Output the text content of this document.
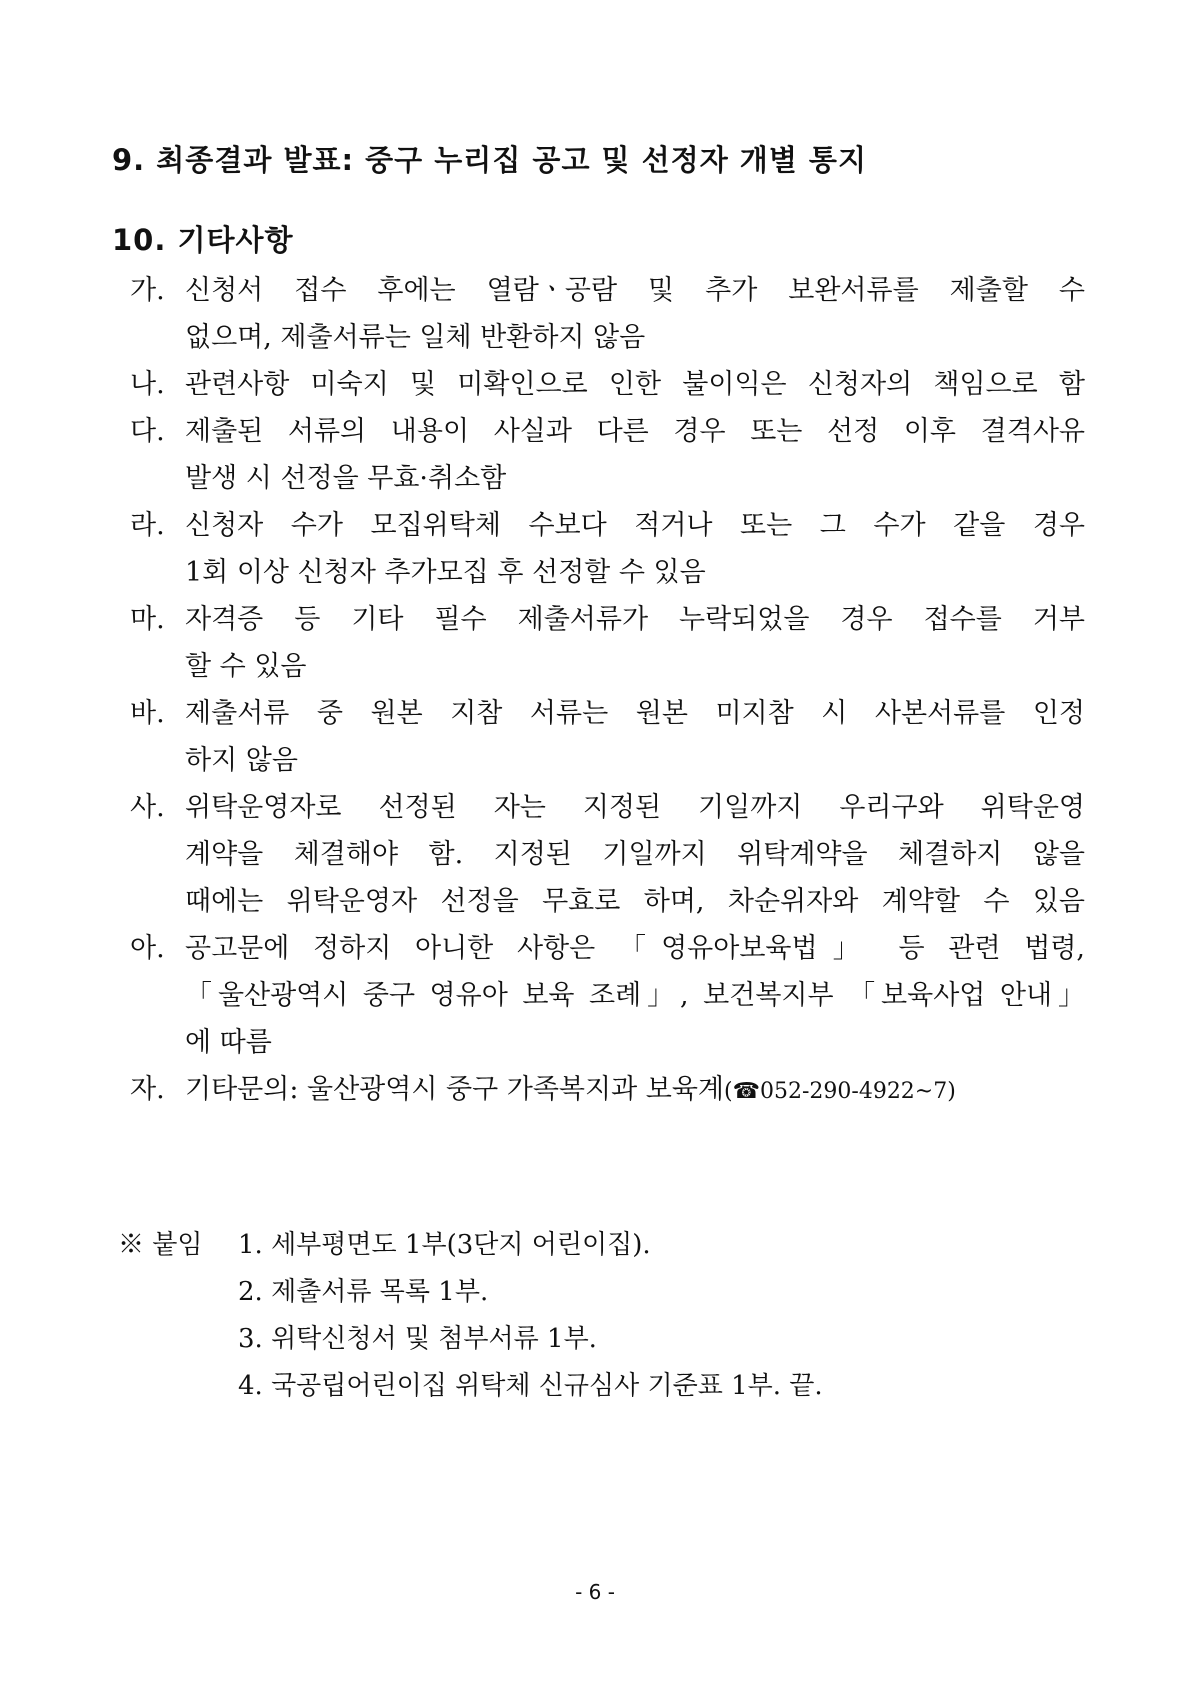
9. 최종결과 발표: 중구 누리집 공고 및 선정자 개별 통지
10. 기타사항
가. 신청서 접수 후에는 열람ㆍ공람 및 추가 보완서류를 제출할 수
없으며, 제출서류는 일체 반환하지 않음
나. 관련사항 미숙지 및 미확인으로 인한 불이익은 신청자의 책임으로 함
다. 제출된 서류의 내용이 사실과 다른 경우 또는 선정 이후 결격사유
발생 시 선정을 무효·취소함
라. 신청자 수가 모집위탁체 수보다 적거나 또는 그 수가 같을 경우
1회 이상 신청자 추가모집 후 선정할 수 있음
마. 자격증 등 기타 필수 제출서류가 누락되었을 경우 접수를 거부
할 수 있음
바. 제출서류 중 원본 지참 서류는 원본 미지참 시 사본서류를 인정
하지 않음
사. 위탁운영자로 선정된 자는 지정된 기일까지 우리구와 위탁운영
계약을 체결해야 함. 지정된 기일까지 위탁계약을 체결하지 않을
때에는 위탁운영자 선정을 무효로 하며, 차순위자와 계약할 수 있음
아. 공고문에 정하지 아니한 사항은 「영유아보육법」 등 관련 법령,
「울산광역시 중구 영유아 보육 조례」, 보건복지부 「보육사업 안내」
에 따름
자. 기타문의: 울산광역시 중구 가족복지과 보육계(☎052-290-4922~7)
※ 붙임	1. 세부평면도 1부(3단지 어린이집).
2. 제출서류 목록 1부.
3. 위탁신청서 및 첨부서류 1부.
4. 국공립어린이집 위탁체 신규심사 기준표 1부. 끝.
- 6 -
